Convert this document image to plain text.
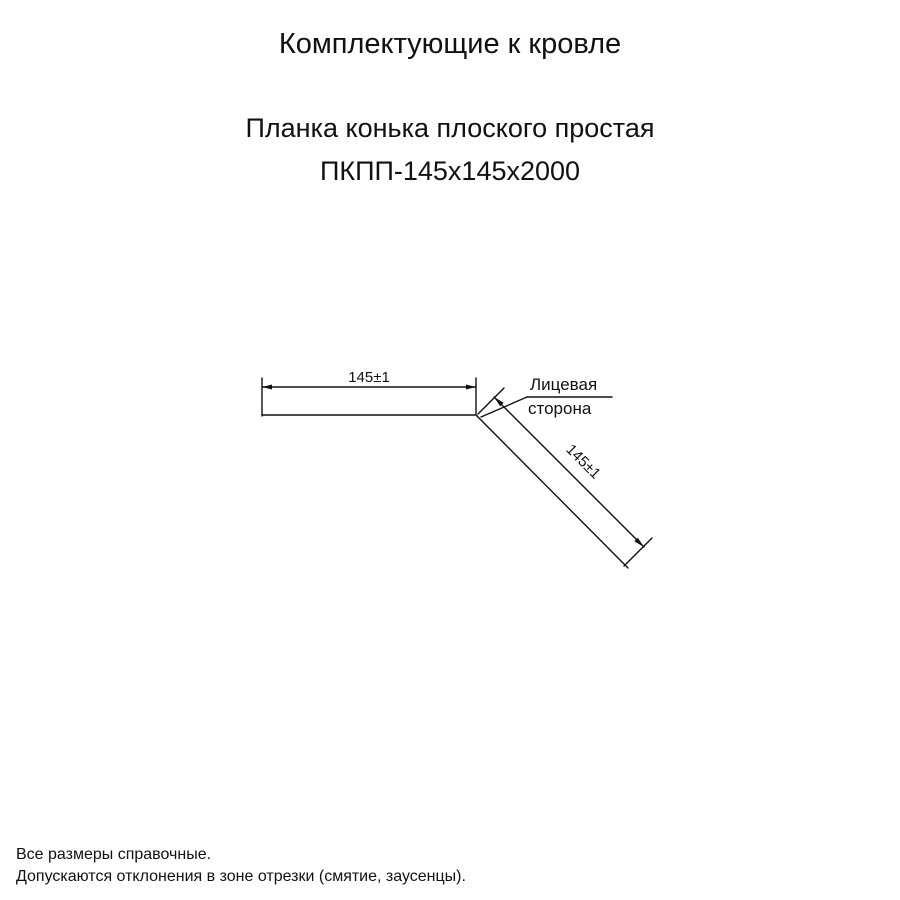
Комплектующие к кровле
Планка конька плоского простая
ПКПП-145x145x2000
145±1
145±1
Лицевая
сторона

Все размеры справочные.

Допускаются отклонения в зоне отрезки (смятие, заусенцы).
